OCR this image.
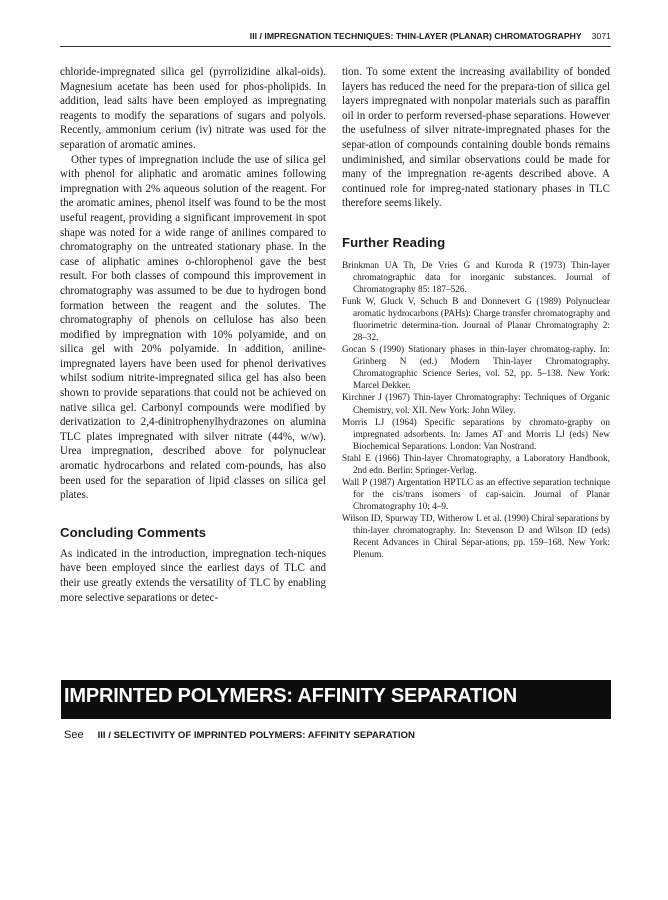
III / IMPREGNATION TECHNIQUES: THIN-LAYER (PLANAR) CHROMATOGRAPHY 3071

chloride-impregnated silica gel (pyrrolizidine alkal-oids). Magnesium acetate has been used for phos-pholipids. In addition, lead salts have been employed as impregnating reagents to modify the separations of sugars and polyols. Recently, ammonium cerium (iv) nitrate was used for the separation of aromatic amines.

Other types of impregnation include the use of silica gel with phenol for aliphatic and aromatic amines following impregnation with 2% aqueous solution of the reagent. For the aromatic amines, phenol itself was found to be the most useful reagent, providing a significant improvement in spot shape was noted for a wide range of anilines compared to chromatography on the untreated stationary phase. In the case of aliphatic amines o-chlorophenol gave the best result. For both classes of compound this improvement in chromatography was assumed to be due to hydrogen bond formation between the reagent and the solutes. The chromatography of phenols on cellulose has also been modified by impregnation with 10% polyamide, and on silica gel with 20% polyamide. In addition, aniline-impregnated layers have been used for phenol derivatives whilst sodium nitrite-impregnated silica gel has also been shown to provide separations that could not be achieved on native silica gel. Carbonyl compounds were modified by derivatization to 2,4-dinitrophenylhydrazones on alumina TLC plates impregnated with silver nitrate (44%, w/w). Urea impregnation, described above for polynuclear aromatic hydrocarbons and related com-pounds, has also been used for the separation of lipid classes on silica gel plates.

Concluding Comments

As indicated in the introduction, impregnation tech-niques have been employed since the earliest days of TLC and their use greatly extends the versatility of TLC by enabling more selective separations or detec-

tion. To some extent the increasing availability of bonded layers has reduced the need for the prepara-tion of silica gel layers impregnated with nonpolar materials such as paraffin oil in order to perform reversed-phase separations. However the usefulness of silver nitrate-impregnated phases for the separ-ation of compounds containing double bonds remains undiminished, and similar observations could be made for many of the impregnation re-agents described above. A continued role for impreg-nated stationary phases in TLC therefore seems likely.

Further Reading
Brinkman UA Th, De Vries G and Kuroda R (1973) Thin-layer chromatographic data for inorganic substances. Journal of Chromatography 85: 187–526.
Funk W, Gluck V, Schuch B and Donnevert G (1989) Polynuclear aromatic hydrocarbons (PAHs): Charge transfer chromatography and fluorimetric determina-tion. Journal of Planar Chromatography 2: 28–32.
Gocan S (1990) Stationary phases in thin-layer chromatog-raphy. In: Grinberg N (ed.) Modern Thin-layer Chromatography. Chromatographic Science Series, vol. 52, pp. 5–138. New York: Marcel Dekker.
Kirchner J (1967) Thin-layer Chromatography: Techniques of Organic Chemistry, vol. XII. New York: John Wiley.
Morris LJ (1964) Specific separations by chromato-graphy on impregnated adsorbents. In: James AT and Morris LJ (eds) New Biochemical Separations. London: Van Nostrand.
Stahl E (1966) Thin-layer Chromatography, a Laboratory Handbook, 2nd edn. Berlin: Springer-Verlag.
Wall P (1987) Argentation HPTLC as an effective separation technique for the cis/trans isomers of cap-saicin. Journal of Planar Chromatography 10: 4–9.
Wilson ID, Spurway TD, Witherow L et al. (1990) Chiral separations by thin-layer chromatography. In: Stevenson D and Wilson ID (eds) Recent Advances in Chiral Separ-ations, pp. 159–168. New York: Plenum.
IMPRINTED POLYMERS: AFFINITY SEPARATION
See III / SELECTIVITY OF IMPRINTED POLYMERS: AFFINITY SEPARATION
